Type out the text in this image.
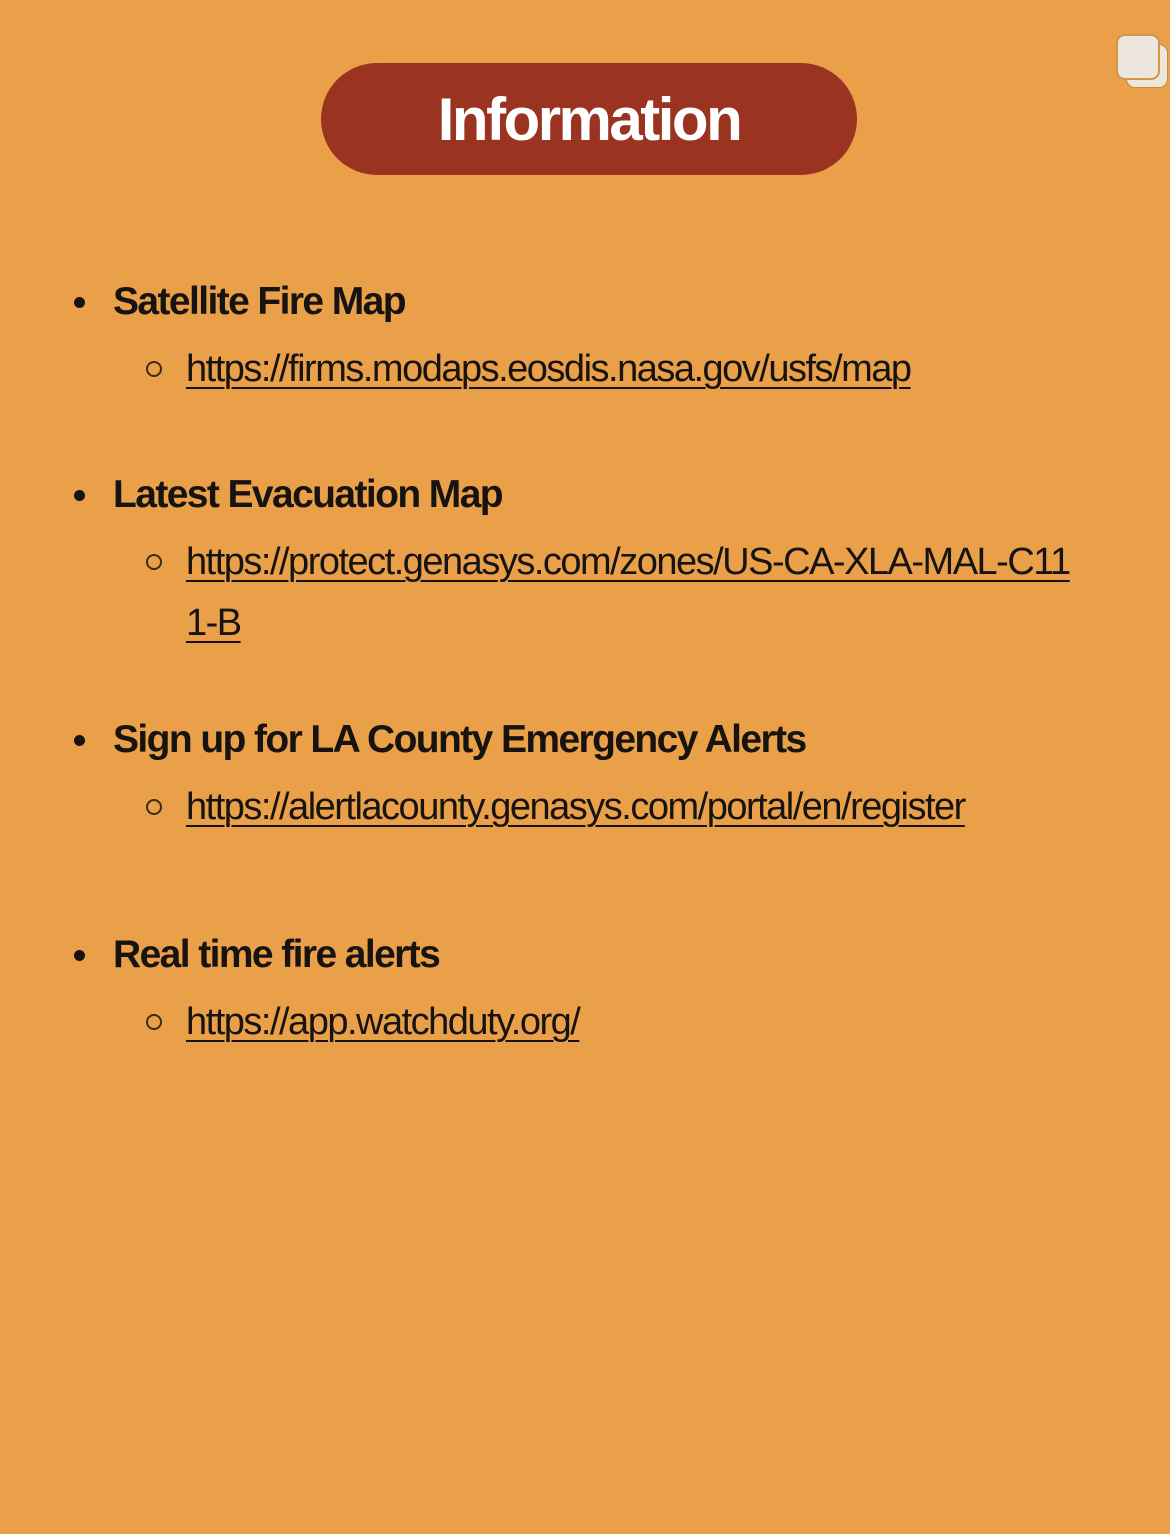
Information
Satellite Fire Map
https://firms.modaps.eosdis.nasa.gov/usfs/map
Latest Evacuation Map
https://protect.genasys.com/zones/US-CA-XLA-MAL-C111-B
Sign up for LA County Emergency Alerts
https://alertlacounty.genasys.com/portal/en/register
Real time fire alerts
https://app.watchduty.org/
